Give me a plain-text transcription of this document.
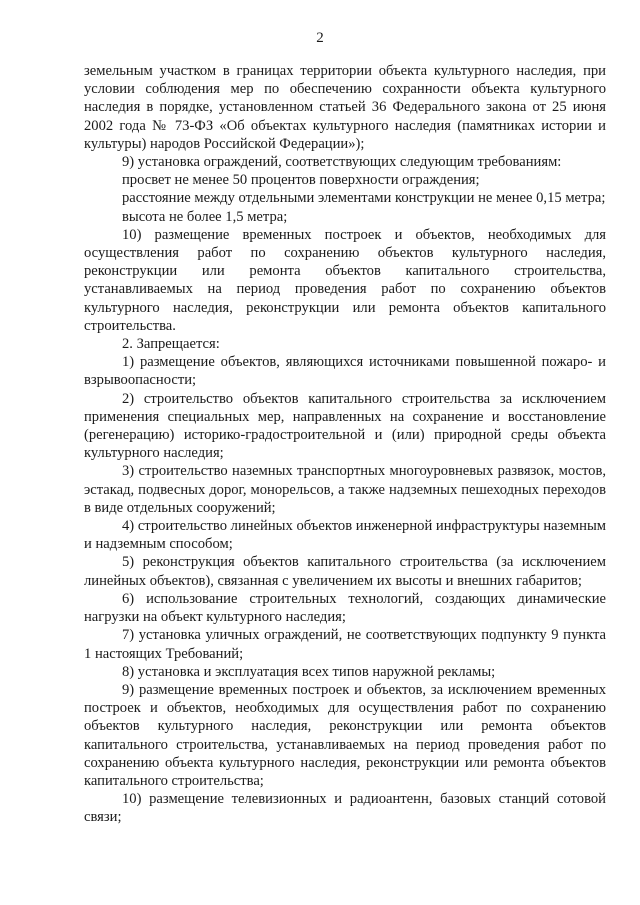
2

земельным участком в границах территории объекта культурного наследия, при условии соблюдения мер по обеспечению сохранности объекта культурного наследия в порядке, установленном статьей 36 Федерального закона от 25 июня 2002 года № 73-ФЗ «Об объектах культурного наследия (памятниках истории и культуры) народов Российской Федерации»);

9) установка ограждений, соответствующих следующим требованиям:

просвет не менее 50 процентов поверхности ограждения;

расстояние между отдельными элементами конструкции не менее 0,15 метра;

высота не более 1,5 метра;

10) размещение временных построек и объектов, необходимых для осуществления работ по сохранению объектов культурного наследия, реконструкции или ремонта объектов капитального строительства, устанавливаемых на период проведения работ по сохранению объектов культурного наследия, реконструкции или ремонта объектов капитального строительства.

2. Запрещается:

1) размещение объектов, являющихся источниками повышенной пожаро- и взрывоопасности;

2) строительство объектов капитального строительства за исключением применения специальных мер, направленных на сохранение и восстановление (регенерацию) историко-градостроительной и (или) природной среды объекта культурного наследия;

3) строительство наземных транспортных многоуровневых развязок, мостов, эстакад, подвесных дорог, монорельсов, а также надземных пешеходных переходов в виде отдельных сооружений;

4) строительство линейных объектов инженерной инфраструктуры наземным и надземным способом;

5) реконструкция объектов капитального строительства (за исключением линейных объектов), связанная с увеличением их высоты и внешних габаритов;

6) использование строительных технологий, создающих динамические нагрузки на объект культурного наследия;

7) установка уличных ограждений, не соответствующих подпункту 9 пункта 1 настоящих Требований;

8) установка и эксплуатация всех типов наружной рекламы;

9) размещение временных построек и объектов, за исключением временных построек и объектов, необходимых для осуществления работ по сохранению объектов культурного наследия, реконструкции или ремонта объектов капитального строительства, устанавливаемых на период проведения работ по сохранению объекта культурного наследия, реконструкции или ремонта объектов капитального строительства;

10) размещение телевизионных и радиоантенн, базовых станций сотовой связи;
